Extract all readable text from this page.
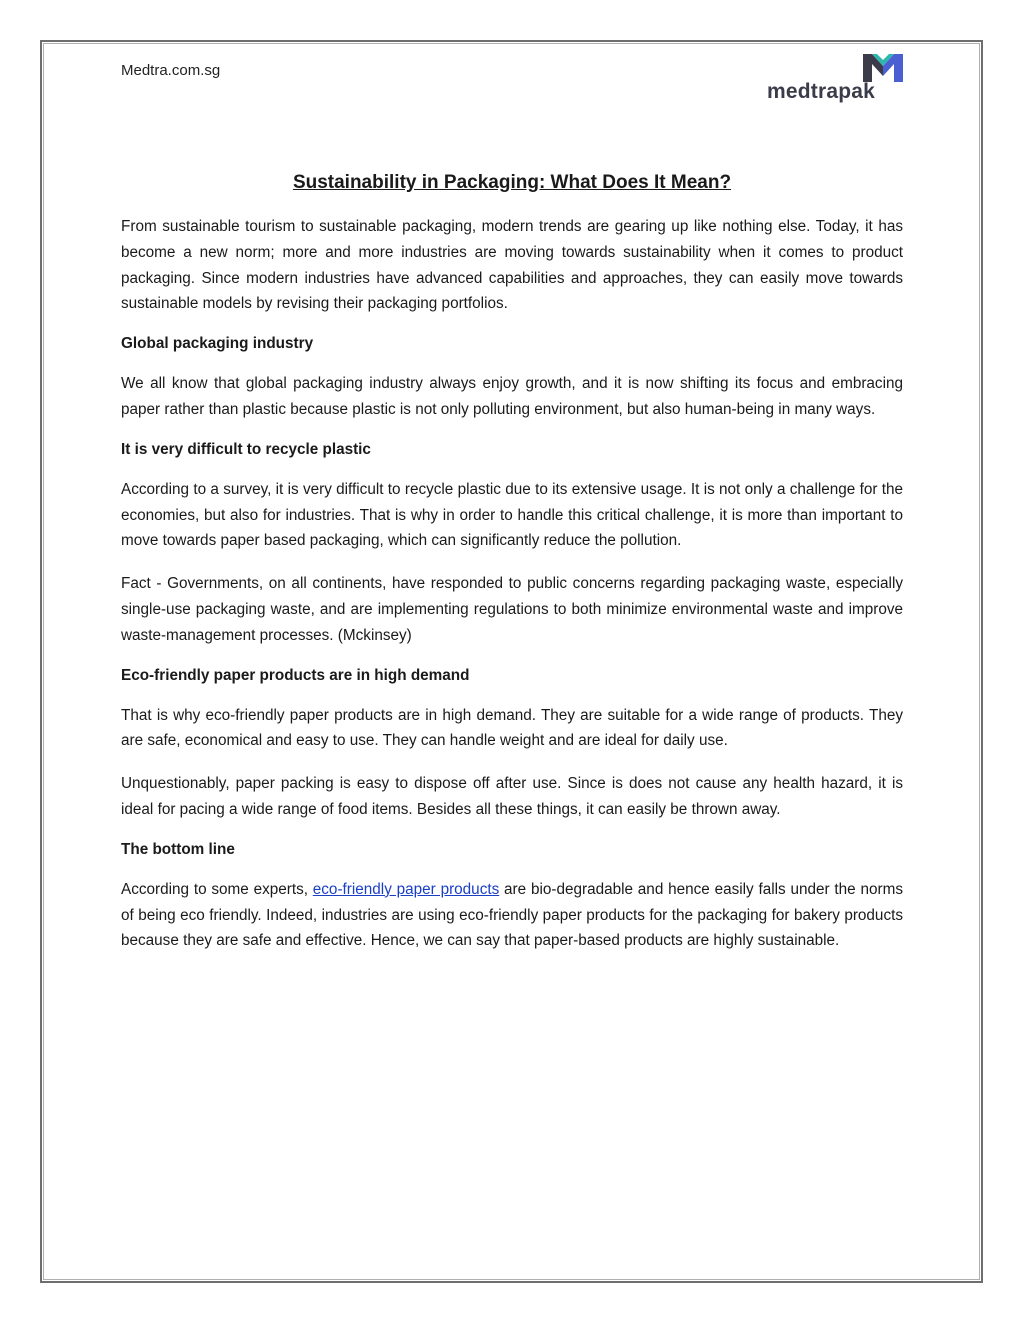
Medtra.com.sg
medtrapak
Sustainability in Packaging: What Does It Mean?

From sustainable tourism to sustainable packaging, modern trends are gearing up like nothing else. Today, it has become a new norm; more and more industries are moving towards sustainability when it comes to product packaging. Since modern industries have advanced capabilities and approaches, they can easily move towards sustainable models by revising their packaging portfolios.

Global packaging industry

We all know that global packaging industry always enjoy growth, and it is now shifting its focus and embracing paper rather than plastic because plastic is not only polluting environment, but also human-being in many ways.

It is very difficult to recycle plastic

According to a survey, it is very difficult to recycle plastic due to its extensive usage. It is not only a challenge for the economies, but also for industries. That is why in order to handle this critical challenge, it is more than important to move towards paper based packaging, which can significantly reduce the pollution.

Fact - Governments, on all continents, have responded to public concerns regarding packaging waste, especially single-use packaging waste, and are implementing regulations to both minimize environmental waste and improve waste-management processes. (Mckinsey)

Eco-friendly paper products are in high demand

That is why eco-friendly paper products are in high demand. They are suitable for a wide range of products. They are safe, economical and easy to use. They can handle weight and are ideal for daily use.

Unquestionably, paper packing is easy to dispose off after use. Since is does not cause any health hazard, it is ideal for pacing a wide range of food items. Besides all these things, it can easily be thrown away.

The bottom line

According to some experts, eco-friendly paper products are bio-degradable and hence easily falls under the norms of being eco friendly. Indeed, industries are using eco-friendly paper products for the packaging for bakery products because they are safe and effective. Hence, we can say that paper-based products are highly sustainable.
